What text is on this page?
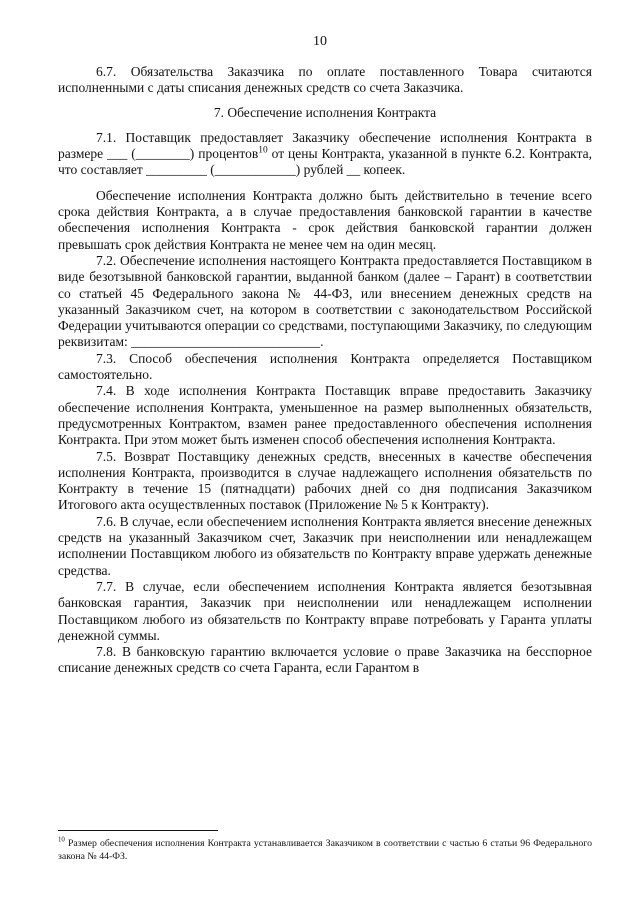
10

6.7. Обязательства Заказчика по оплате поставленного Товара считаются исполненными с даты списания денежных средств со счета Заказчика.

7. Обеспечение исполнения Контракта

7.1. Поставщик предоставляет Заказчику обеспечение исполнения Контракта в размере ___ (________) процентов$^{10}$ от цены Контракта, указанной в пункте 6.2. Контракта, что составляет _________ (____________) рублей __ копеек.

Обеспечение исполнения Контракта должно быть действительно в течение всего срока действия Контракта, а в случае предоставления банковской гарантии в качестве обеспечения исполнения Контракта - срок действия банковской гарантии должен превышать срок действия Контракта не менее чем на один месяц.

7.2. Обеспечение исполнения настоящего Контракта предоставляется Поставщиком в виде безотзывной банковской гарантии, выданной банком (далее – Гарант) в соответствии со статьей 45 Федерального закона № 44-ФЗ, или внесением денежных средств на указанный Заказчиком счет, на котором в соответствии с законодательством Российской Федерации учитываются операции со средствами, поступающими Заказчику, по следующим реквизитам: ____________________________.

7.3. Способ обеспечения исполнения Контракта определяется Поставщиком самостоятельно.

7.4. В ходе исполнения Контракта Поставщик вправе предоставить Заказчику обеспечение исполнения Контракта, уменьшенное на размер выполненных обязательств, предусмотренных Контрактом, взамен ранее предоставленного обеспечения исполнения Контракта. При этом может быть изменен способ обеспечения исполнения Контракта.

7.5. Возврат Поставщику денежных средств, внесенных в качестве обеспечения исполнения Контракта, производится в случае надлежащего исполнения обязательств по Контракту в течение 15 (пятнадцати) рабочих дней со дня подписания Заказчиком Итогового акта осуществленных поставок (Приложение № 5 к Контракту).

7.6. В случае, если обеспечением исполнения Контракта является внесение денежных средств на указанный Заказчиком счет, Заказчик при неисполнении или ненадлежащем исполнении Поставщиком любого из обязательств по Контракту вправе удержать денежные средства.

7.7. В случае, если обеспечением исполнения Контракта является безотзывная банковская гарантия, Заказчик при неисполнении или ненадлежащем исполнении Поставщиком любого из обязательств по Контракту вправе потребовать у Гаранта уплаты денежной суммы.

7.8. В банковскую гарантию включается условие о праве Заказчика на бесспорное списание денежных средств со счета Гаранта, если Гарантом в

$^{10}$ Размер обеспечения исполнения Контракта устанавливается Заказчиком в соответствии с частью 6 статьи 96 Федерального закона № 44-ФЗ.
